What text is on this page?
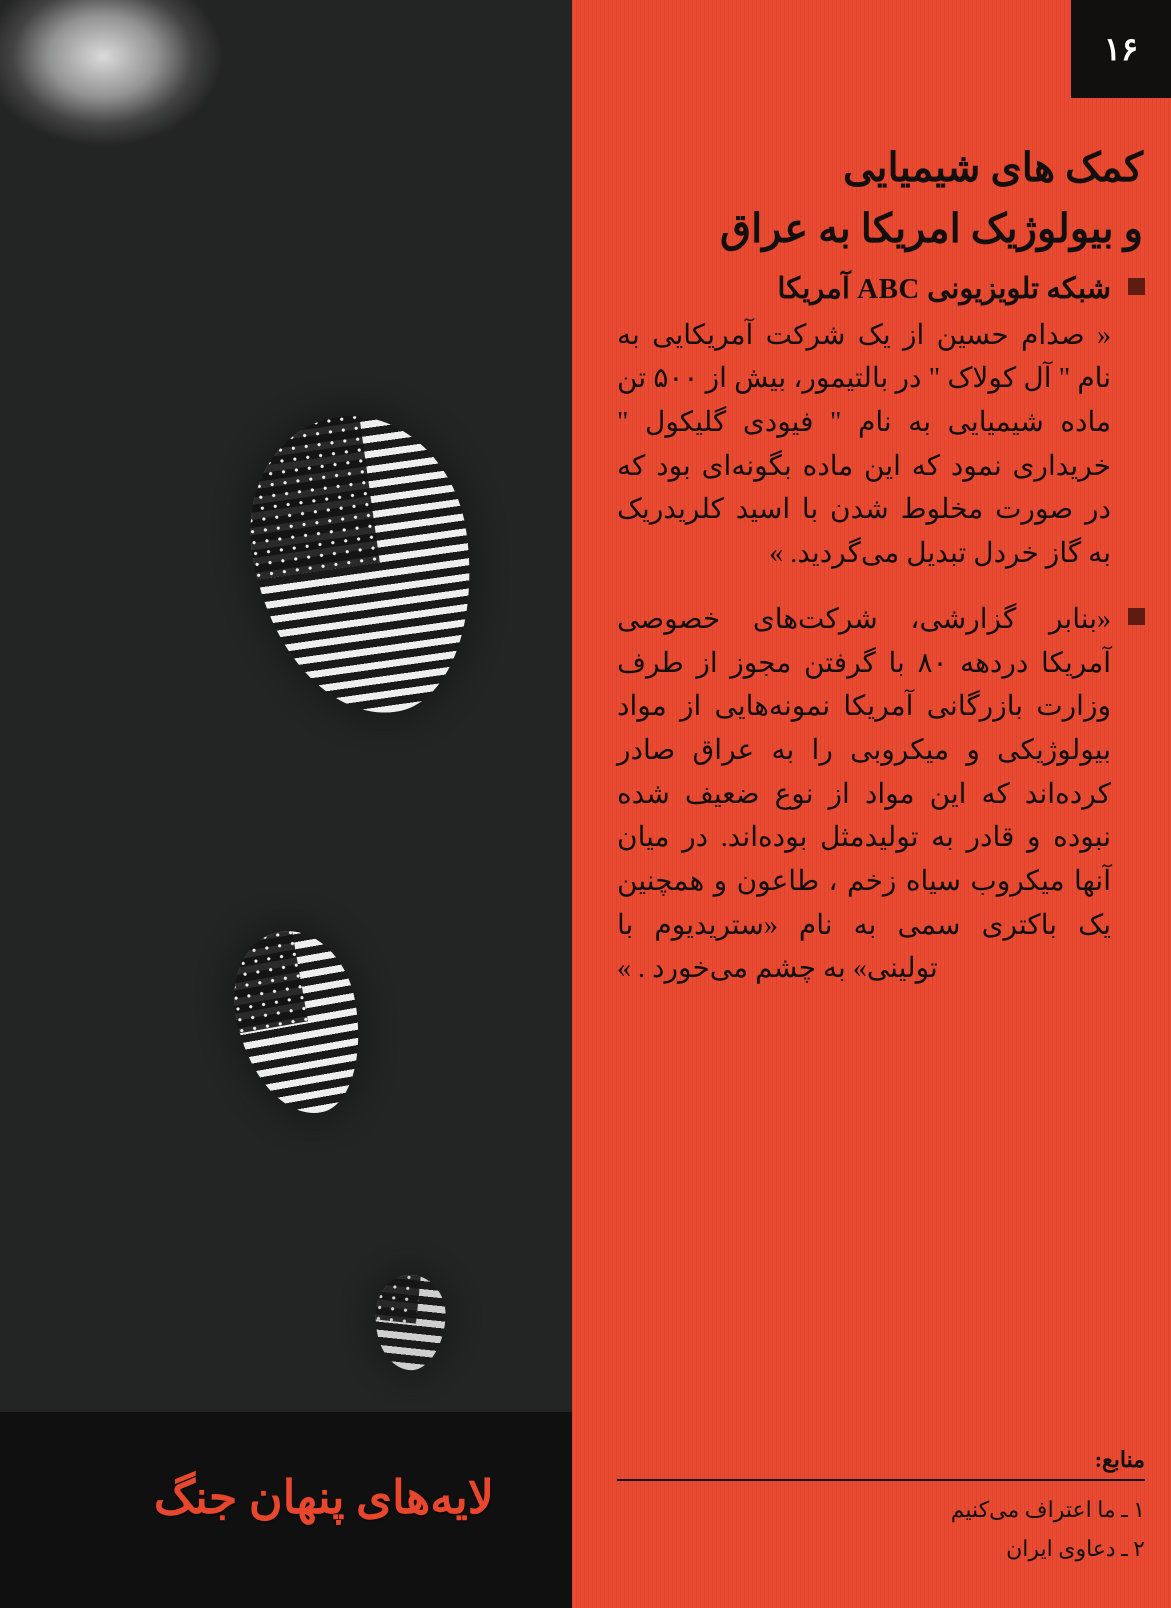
لایه‌های پنهان جنگ
۱۶
کمک های شیمیایی
و بیولوژیک امریکا به عراق
شبکه تلویزیونی ABC آمریکا
« صدام حسین از یک شرکت آمریکایی به نام " آل کولاک " در بالتیمور، بیش از ۵۰۰ تن ماده شیمیایی به نام " فیودی گلیکول " خریداری نمود که این ماده بگونه‌ای بود که در صورت مخلوط شدن با اسید کلریدریک به گاز خردل تبدیل می‌گردید. »
«بنابر گزارشی، شرکت‌های خصوصی آمریکا دردهه ۸۰ با گرفتن مجوز از طرف وزارت بازرگانی آمریکا نمونه‌هایی از مواد بیولوژیکی و میکروبی را به عراق صادر کرده‌اند که این مواد از نوع ضعیف شده نبوده و قادر به تولیدمثل بوده‌اند. در میان آنها میکروب سیاه زخم ، طاعون و همچنین یک باکتری سمی به نام «ستریدیوم با تولینی» به چشم می‌خورد . »
منابع:
۱ ـ ما اعتراف می‌کنیم
۲ ـ دعاوی ایران
